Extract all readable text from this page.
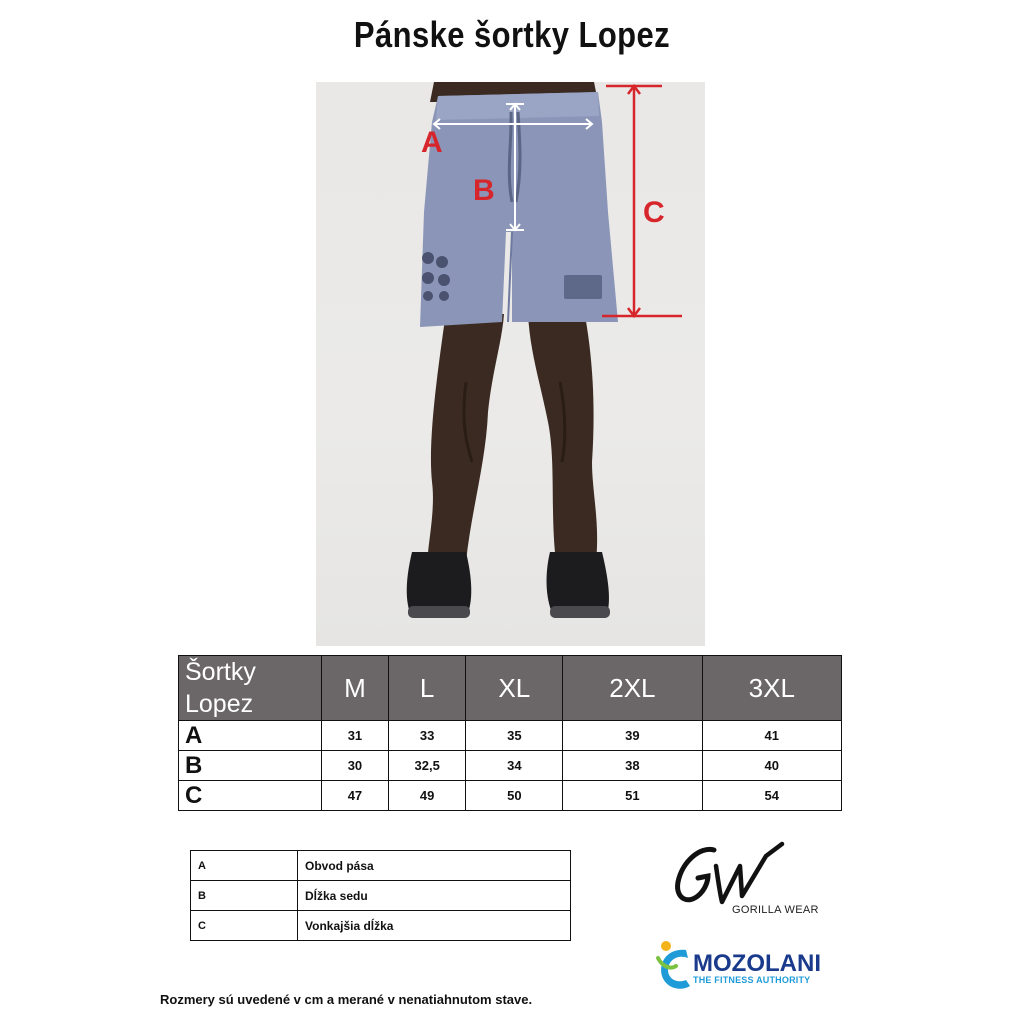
Pánske šortky Lopez
A
B
C
Šortky
Lopez	M	L	XL	2XL	3XL
A	31	33	35	39	41
B	30	32,5	34	38	40
C	47	49	50	51	54
A	Obvod pása
B	Dĺžka sedu
C	Vonkajšia dĺžka
GORILLA WEAR
MOZOLANI
THE FITNESS AUTHORITY
Rozmery sú uvedené v cm a merané v nenatiahnutom stave.
